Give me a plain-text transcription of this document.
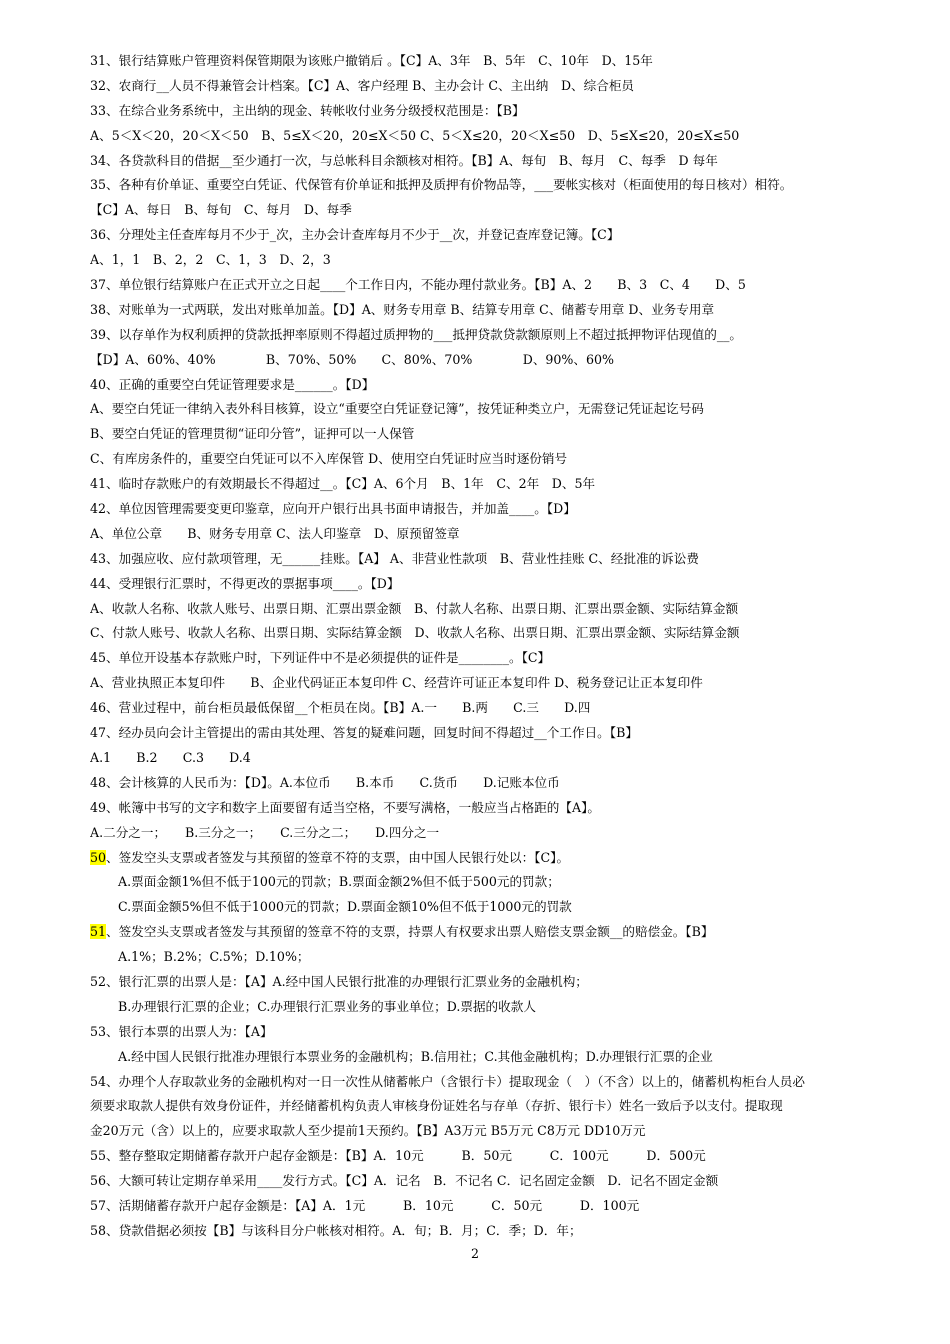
31、银行结算账户管理资料保管期限为该账户撤销后 。【C】A、3年　B、5年　C、10年　D、15年
32、农商行__人员不得兼管会计档案。【C】A、客户经理 B、主办会计 C、主出纳　D、综合柜员
33、在综合业务系统中，主出纳的现金、转帐收付业务分级授权范围是：【B】
A、5＜X＜20，20＜X＜50　B、5≤X＜20，20≤X＜50 C、5＜X≤20，20＜X≤50　D、5≤X≤20，20≤X≤50
34、各贷款科目的借据__至少通打一次，与总帐科目余额核对相符。【B】A、每旬　B、每月　C、每季　D 每年
35、各种有价单证、重要空白凭证、代保管有价单证和抵押及质押有价物品等，___要帐实核对（柜面使用的每日核对）相符。
【C】A、每日　B、每旬　C、每月　D、每季
36、分理处主任查库每月不少于_次，主办会计查库每月不少于__次，并登记查库登记簿。【C】
A、1，1　B、2，2　C、1，3　D、2，3
37、单位银行结算账户在正式开立之日起____个工作日内，不能办理付款业务。【B】A、2　　B、3　C、4　　D、5
38、对账单为一式两联，发出对账单加盖。【D】A、财务专用章 B、结算专用章 C、储蓄专用章 D、业务专用章
39、以存单作为权利质押的贷款抵押率原则不得超过质押物的___抵押贷款贷款额原则上不超过抵押物评估现值的__。
【D】A、60%、40%　　　　B、70%、50%　　C、80%、70%　　　　D、90%、60%
40、正确的重要空白凭证管理要求是______。【D】
A、要空白凭证一律纳入表外科目核算，设立“重要空白凭证登记簿”，按凭证种类立户，无需登记凭证起讫号码
B、要空白凭证的管理贯彻“证印分管”，证押可以一人保管
C、有库房条件的，重要空白凭证可以不入库保管 D、使用空白凭证时应当时逐份销号
41、临时存款账户的有效期最长不得超过__。【C】A、6个月　B、1年　C、2年　D、5年
42、单位因管理需要变更印鉴章，应向开户银行出具书面申请报告，并加盖____。【D】
A、单位公章　　B、财务专用章 C、法人印鉴章　D、原预留签章
43、加强应收、应付款项管理，无______挂账。【A】 A、非营业性款项　B、营业性挂账 C、经批准的诉讼费
44、受理银行汇票时，不得更改的票据事项____。【D】
A、收款人名称、收款人账号、出票日期、汇票出票金额　B、付款人名称、出票日期、汇票出票金额、实际结算金额
C、付款人账号、收款人名称、出票日期、实际结算金额　D、收款人名称、出票日期、汇票出票金额、实际结算金额
45、单位开设基本存款账户时，下列证件中不是必须提供的证件是________。【C】
A、营业执照正本复印件　　B、企业代码证正本复印件 C、经营许可证正本复印件 D、税务登记让正本复印件
46、营业过程中，前台柜员最低保留__个柜员在岗。【B】A.一　　B.两　　C.三　　D.四
47、经办员向会计主管提出的需由其处理、答复的疑难问题，回复时间不得超过__个工作日。【B】
A.1　　B.2　　C.3　　D.4
48、会计核算的人民币为：【D】。A.本位币　　B.本币　　C.货币　　D.记账本位币
49、帐簿中书写的文字和数字上面要留有适当空格，不要写满格，一般应当占格距的【A】。
A.二分之一；　　B.三分之一；　　C.三分之二；　　D.四分之一
50、签发空头支票或者签发与其预留的签章不符的支票，由中国人民银行处以：【C】。
A.票面金额1%但不低于100元的罚款；B.票面金额2%但不低于500元的罚款；
C.票面金额5%但不低于1000元的罚款；D.票面金额10%但不低于1000元的罚款
51、签发空头支票或者签发与其预留的签章不符的支票，持票人有权要求出票人赔偿支票金额__的赔偿金。【B】
A.1%；B.2%；C.5%；D.10%；
52、银行汇票的出票人是：【A】A.经中国人民银行批准的办理银行汇票业务的金融机构；
B.办理银行汇票的企业；C.办理银行汇票业务的事业单位；D.票据的收款人
53、银行本票的出票人为：【A】
A.经中国人民银行批准办理银行本票业务的金融机构；B.信用社；C.其他金融机构；D.办理银行汇票的企业
54、办理个人存取款业务的金融机构对一日一次性从储蓄帐户（含银行卡）提取现金（　）（不含）以上的，储蓄机构柜台人员必
须要求取款人提供有效身份证件，并经储蓄机构负责人审核身份证姓名与存单（存折、银行卡）姓名一致后予以支付。提取现
金20万元（含）以上的，应要求取款人至少提前1天预约。【B】A3万元 B5万元 C8万元 DD10万元
55、整存整取定期储蓄存款开户起存金额是：【B】A．10元　　　B．50元　　　C．100元　　　D．500元
56、大额可转让定期存单采用____发行方式。【C】A．记名　B．不记名 C．记名固定金额　D．记名不固定金额
57、活期储蓄存款开户起存金额是：【A】A．1元　　　B．10元　　　C．50元　　　D．100元
58、贷款借据必须按【B】与该科目分户帐核对相符。A．旬；B．月；C．季；D．年；
2
